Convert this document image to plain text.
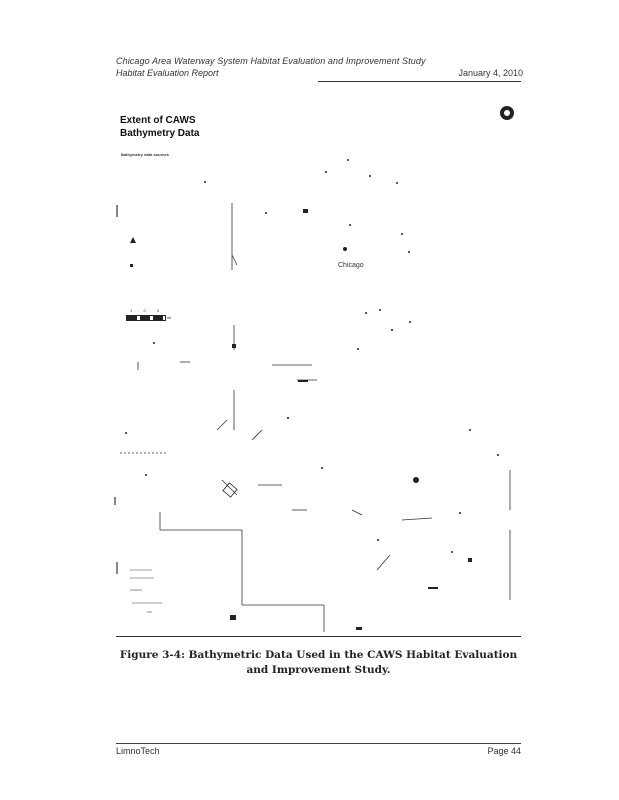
Chicago Area Waterway System Habitat Evaluation and Improvement Study
Habitat Evaluation Report	January 4, 2010
Extent of CAWS Bathymetry Data
Bathymetry data sources
Chicago
1 2 3
mi
Figure 3-4: Bathymetric Data Used in the CAWS Habitat Evaluation and Improvement Study.
LimnoTech	Page 44
